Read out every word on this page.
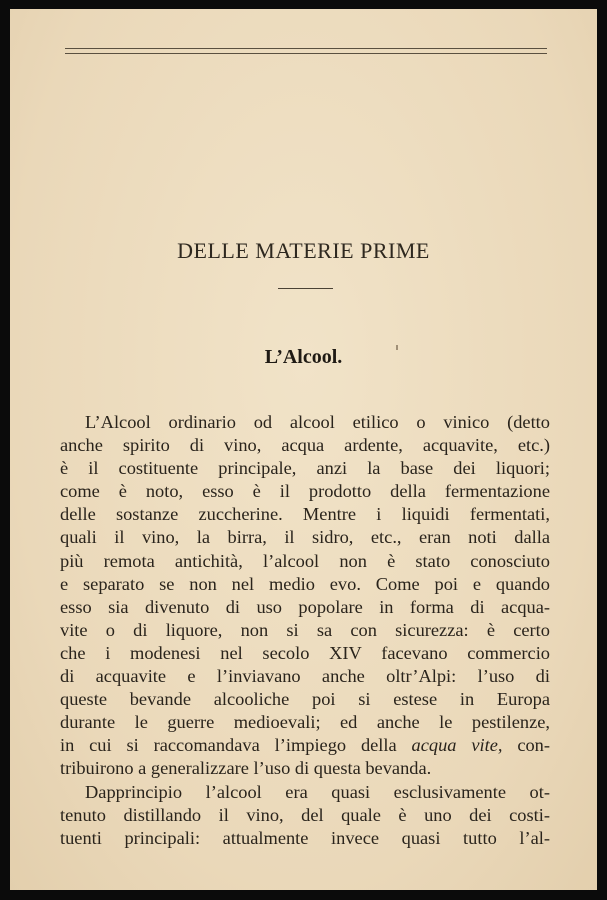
DELLE MATERIE PRIME
L’Alcool.
L’Alcool ordinario od alcool etilico o vinico (detto
anche spirito di vino, acqua ardente, acquavite, etc.)
è il costituente principale, anzi la base dei liquori;
come è noto, esso è il prodotto della fermentazione
delle sostanze zuccherine. Mentre i liquidi fermentati,
quali il vino, la birra, il sidro, etc., eran noti dalla
più remota antichità, l’alcool non è stato conosciuto
e separato se non nel medio evo. Come poi e quando
esso sia divenuto di uso popolare in forma di acqua-
vite o di liquore, non si sa con sicurezza: è certo
che i modenesi nel secolo XIV facevano commercio
di acquavite e l’inviavano anche oltr’Alpi: l’uso di
queste bevande alcooliche poi si estese in Europa
durante le guerre medioevali; ed anche le pestilenze,
in cui si raccomandava l’impiego della acqua vite, con-
tribuirono a generalizzare l’uso di questa bevanda.
Dapprincipio l’alcool era quasi esclusivamente ot-
tenuto distillando il vino, del quale è uno dei costi-
tuenti principali: attualmente invece quasi tutto l’al-
